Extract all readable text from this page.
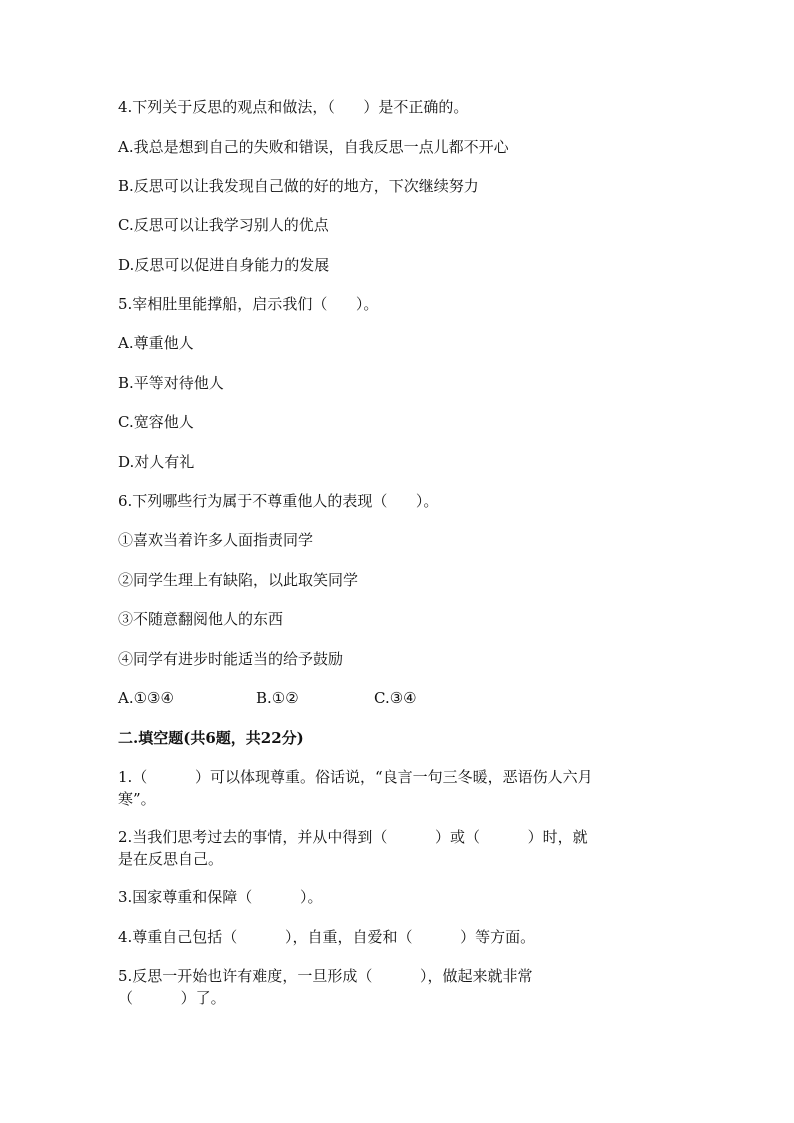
4.下列关于反思的观点和做法，（      ）是不正确的。
A.我总是想到自己的失败和错误，自我反思一点儿都不开心
B.反思可以让我发现自己做的好的地方，下次继续努力
C.反思可以让我学习别人的优点
D.反思可以促进自身能力的发展
5.宰相肚里能撑船，启示我们（      ）。
A.尊重他人
B.平等对待他人
C.宽容他人
D.对人有礼
6.下列哪些行为属于不尊重他人的表现（      ）。
①喜欢当着许多人面指责同学
②同学生理上有缺陷，以此取笑同学
③不随意翻阅他人的东西
④同学有进步时能适当的给予鼓励
A.①③④	B.①②	C.③④
二.填空题(共6题，共22分)
1.（          ）可以体现尊重。俗话说，“良言一句三冬暖，恶语伤人六月
寒”。
2.当我们思考过去的事情，并从中得到（          ）或（          ）时，就
是在反思自己。
3.国家尊重和保障（          ）。
4.尊重自己包括（          ），自重，自爱和（          ）等方面。
5.反思一开始也许有难度，一旦形成（          ），做起来就非常
（          ）了。
